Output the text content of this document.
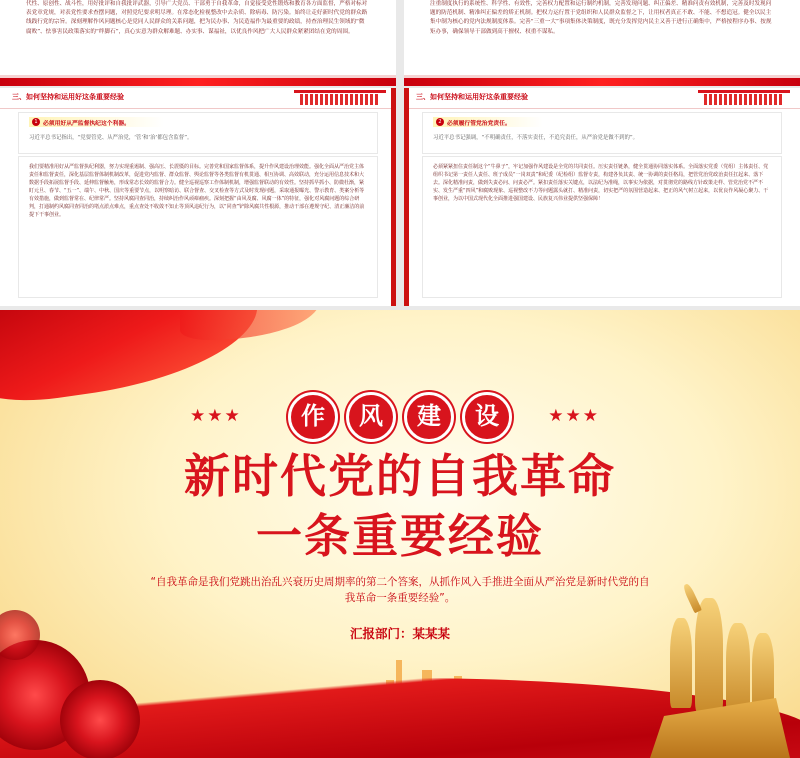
代性、原创性、战斗性，用好批评和自我批评武器，引导广大党员、干部勇于自我革命，自觉接受党性锻炼和教育各方面监督，严格对标对表党章党规，对表党性要求查摆问题，对照党纪要求明尽理。在常态化检视整改中去杂质、除病毒、防污染。始终让走好新时代党的群众路线践行党的宗旨。深刻理解作风问题核心是党同人民群众的关系问题，把为民办事、为民造福作为最重要的政绩，持查治理民生领域的“微腐败”、怯事害民政策落实的“绊脚石”，真心实意为群众解难题、办实事、谋福祉，以优良作风把广大人民群众紧紧团结在党的周围。

注重制度执行的系统性、科学性、有效性，完善权力配置和运行制约机制，完善发现问题、纠正偏差、精准问责有效机制，完善及时发现问题的防范机制、精准纠正偏差的矫正机制。把权力运行置于党组织和人民群众监督之下，让用权者真正不敢、不能、不想追冠。健全以民主集中制为核心的党内法规制度体系。完善“三重一大”事项集体决策制度，既充分发挥党内民主又善于进行正确集中，严格按程序办事、按规矩办事，确保领导干部做到高干擅权、权重不谋私。

三、如何坚持和运用好这条重要经验
1 必须用好从严监督执纪这个利器。
习近平总书记指出，“党要管党、从严治党，‘管’和‘治’都包含监督”。

我们要精准用好从严监督执纪利器，努力实现重遏制、强高压、长震慑的目标。完善党和国家监督体系，提升作风建设治理效能。强化全面从严治党主体责任和监督责任，深化基层监督体制机制改革，促进党内监督、群众监督、舆论监督等各类监督有机贯通、相互协调、高效联动，充分运用信息技术和大数据手段拓展监督手段、延伸监督触角，形成常态长效的监督合力。健全巡视巡察工作体制机制，增强监督联动的有效性。坚持抓早抓小、防微杜渐，紧盯元旦、春节、“五一”、端午、中秋、国庆等重要节点，以明察暗访、联合督查、交叉检查等方式及时发现问题，采取通报曝光、警示教育、类案分析等有效措施，做到监督常在、纪律常严。坚持风腐同查同治，持续纠治作风顽瘴痼疾。深刻把握“由风及腐、风腐一体”的特征，强化对风腐问题的综合研判，打通制约风腐同查同治的堵点淤点难点，重点查处不收敛不知止等顶风违纪行为，以“同查”铲除风腐共性根源，推动干部在遵规守纪、清正廉洁的前提下干事创业。

三、如何坚持和运用好这条重要经验
2 必须履行管党治党责任。
习近平总书记强调，“不明确责任，不落实责任，不追究责任，从严治党是做不到的”。

必须紧紧扭住责任制这个“牛鼻子”，牢记加强作风建设是全党的共同责任。压实责任链条，健全贯通协同落实体系。全面落实党委（党组）主体责任、党组织书记第一责任人责任、班子成员“一岗双责”和纪委（纪检组）监督专责，构建各负其责、统一协调的责任格局，把管党治党政治责任扛起来、落下去。深化精准问责，做到失责必问、问责必严。紧扣责任落实关键点，以法纪为准绳，以事实为依据，对贯彻党的路线方针政策走样、管党治党不严不实、发生严重“四风”和腐败现象、巡视整改不力等问题露头就打、精准问责，切实把严的氛围营造起来、把正的风气树立起来，以优良作风凝心聚力、干事创业，为以中国式现代化全面推进强国建设、民族复兴伟业提供坚强保障！

★★★	作	风	建	设	★★★
新时代党的自我革命
一条重要经验
“自我革命是我们党跳出治乱兴衰历史周期率的第二个答案，从抓作风入手推进全面从严治党是新时代党的自我革命一条重要经验”。
汇报部门：某某某
